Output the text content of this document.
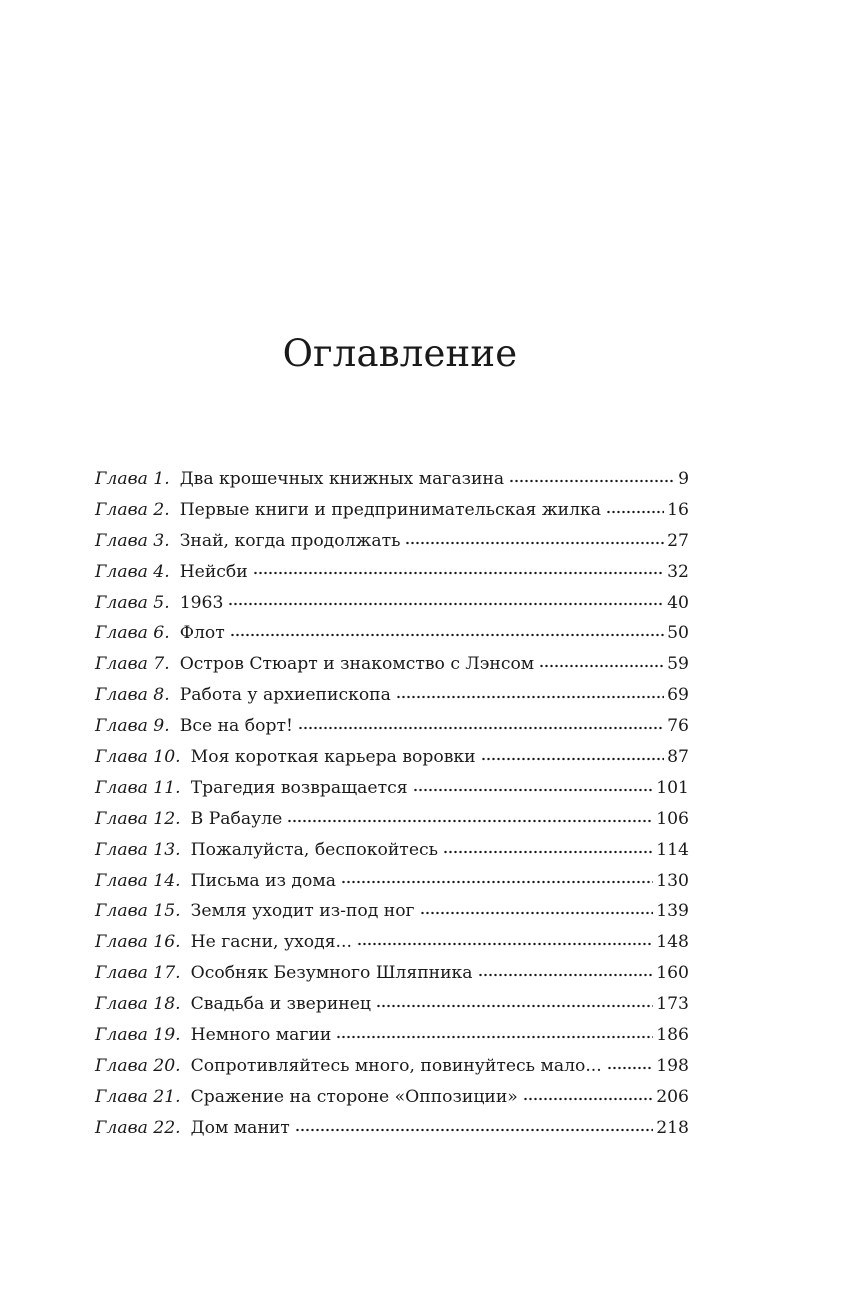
Оглавление
Глава 1. Два крошечных книжных магазина	9
Глава 2. Первые книги и предпринимательская жилка	16
Глава 3. Знай, когда продолжать	27
Глава 4. Нейсби	32
Глава 5. 1963	40
Глава 6. Флот	50
Глава 7. Остров Стюарт и знакомство с Лэнсом	59
Глава 8. Работа у архиепископа	69
Глава 9. Все на борт!	76
Глава 10. Моя короткая карьера воровки	87
Глава 11. Трагедия возвращается	101
Глава 12. В Рабауле	106
Глава 13. Пожалуйста, беспокойтесь	114
Глава 14. Письма из дома	130
Глава 15. Земля уходит из-под ног	139
Глава 16. Не гасни, уходя...	148
Глава 17. Особняк Безумного Шляпника	160
Глава 18. Свадьба и зверинец	173
Глава 19. Немного магии	186
Глава 20. Сопротивляйтесь много, повинуйтесь мало...	198
Глава 21. Сражение на стороне «Оппозиции»	206
Глава 22. Дом манит	218
